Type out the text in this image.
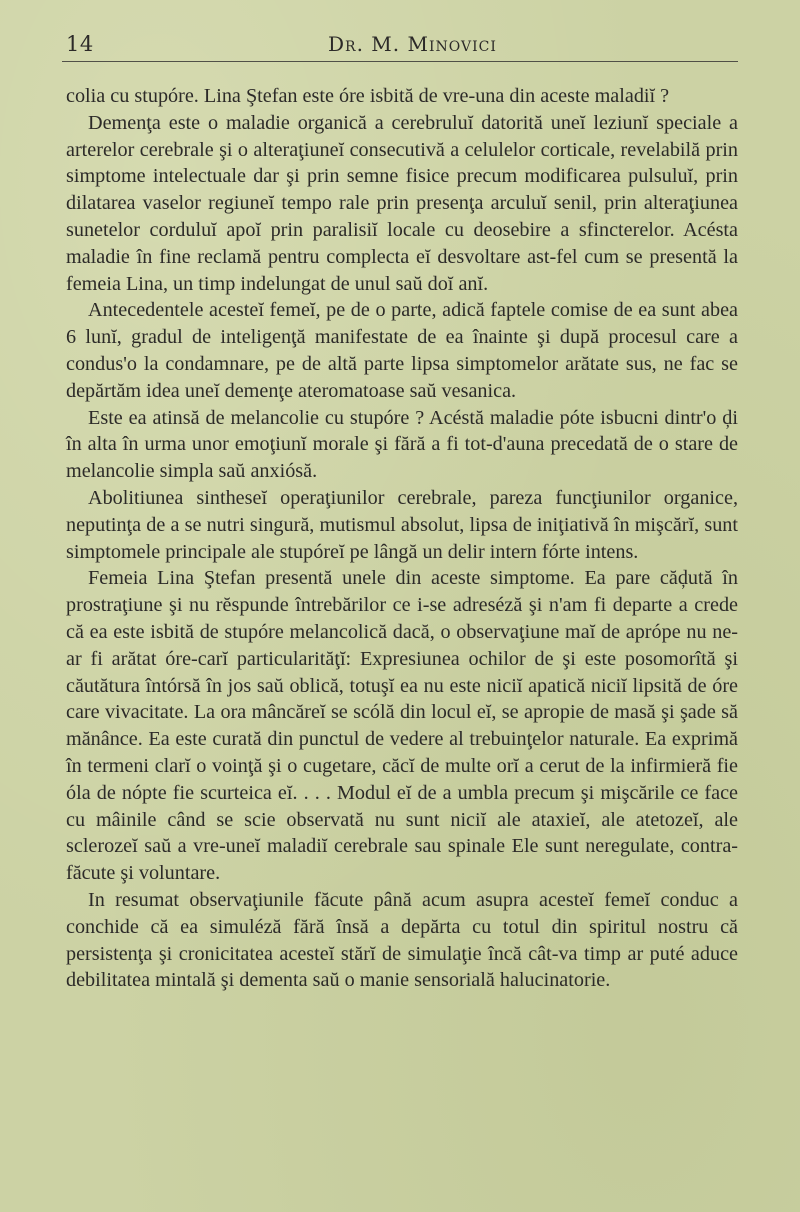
14	Dr. M. Minovici

colia cu stupóre. Lina Ştefan este óre isbită de vre-una din aceste maladiĭ ?

Demenţa este o maladie organică a cerebruluĭ datorită uneĭ leziunĭ speciale a arterelor cerebrale şi o alteraţiuneĭ consecutivă a celulelor corticale, revelabilă prin simptome intelectuale dar şi prin semne fisice precum modificarea pulsuluĭ, prin dilatarea vaselor regiuneĭ tempo rale prin presenţa arculuĭ senil, prin alteraţiunea sunetelor corduluĭ apoĭ prin paralisiĭ locale cu deosebire a sfincterelor. Acésta maladie în fine reclamă pentru complecta eĭ desvoltare ast-fel cum se presentă la femeia Lina, un timp indelungat de unul saŭ doĭ anĭ.

Antecedentele acesteĭ femeĭ, pe de o parte, adică faptele comise de ea sunt abea 6 lunĭ, gradul de inteligenţă manifestate de ea înainte şi după procesul care a condus'o la condamnare, pe de altă parte lipsa simptomelor arătate sus, ne fac se depărtăm idea uneĭ demenţe ateromatoase saŭ vesanica.

Este ea atinsă de melancolie cu stupóre ? Acéstă maladie póte isbucni dintr'o ḑi în alta în urma unor emoţiunĭ morale şi fără a fi tot-d'auna precedată de o stare de melancolie simpla saŭ anxiósă.

Abolitiunea sintheseĭ operaţiunilor cerebrale, pareza funcţiunilor organice, neputinţa de a se nutri singură, mutismul absolut, lipsa de iniţiativă în mişcărĭ, sunt simptomele principale ale stupóreĭ pe lângă un delir intern fórte intens.

Femeia Lina Ştefan presentă unele din aceste simptome. Ea pare căḑută în prostraţiune şi nu rĕspunde întrebărilor ce i-se adreséză şi n'am fi departe a crede că ea este isbită de stupóre melancolică dacă, o observaţiune maĭ de aprópe nu ne-ar fi arătat óre-carĭ particularităţĭ: Expresiunea ochilor de şi este posomorîtă şi căutătura întórsă în jos saŭ oblică, totuşĭ ea nu este niciĭ apatică niciĭ lipsită de óre care vivacitate. La ora mâncăreĭ se scólă din locul eĭ, se apropie de masă şi şade să mănânce. Ea este curată din punctul de vedere al trebuinţelor naturale. Ea exprimă în termeni clarĭ o voinţă şi o cugetare, căcĭ de multe orĭ a cerut de la infirmieră fie óla de nópte fie scurteica eĭ. . . . Modul eĭ de a umbla precum şi mişcările ce face cu mâinile când se scie observată nu sunt niciĭ ale ataxieĭ, ale atetozeĭ, ale sclerozeĭ saŭ a vre-uneĭ maladiĭ cerebrale sau spinale Ele sunt neregulate, contra-făcute şi voluntare.

In resumat observaţiunile făcute până acum asupra acesteĭ femeĭ conduc a conchide că ea simuléză fără însă a depărta cu totul din spiritul nostru că persistenţa şi cronicitatea acesteĭ stărĭ de simulaţie încă cât-va timp ar puté aduce debilitatea mintală şi dementa saŭ o manie sensorială halucinatorie.
